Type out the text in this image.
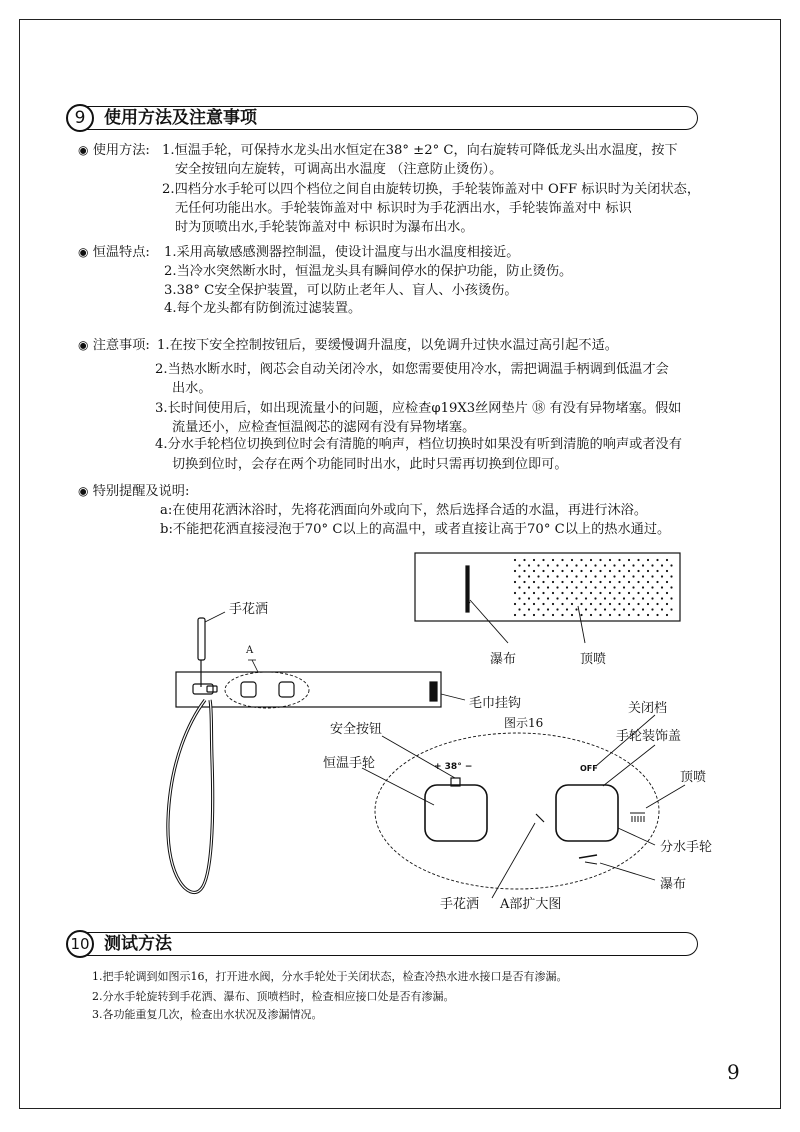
9	使用方法及注意事项
◉ 使用方法: 1.恒温手轮，可保持水龙头出水恒定在38° ±2° C，向右旋转可降低龙头出水温度，按下
安全按钮向左旋转，可调高出水温度 （注意防止烫伤）。
2.四档分水手轮可以四个档位之间自由旋转切换，手轮装饰盖对中 OFF 标识时为关闭状态，
无任何功能出水。手轮装饰盖对中 标识时为手花洒出水，手轮装饰盖对中 标识
时为顶喷出水,手轮装饰盖对中 标识时为瀑布出水。
◉ 恒温特点: 1.采用高敏感感测器控制温，使设计温度与出水温度相接近。
2.当冷水突然断水时，恒温龙头具有瞬间停水的保护功能，防止烫伤。
3.38° C安全保护装置，可以防止老年人、盲人、小孩烫伤。
4.每个龙头都有防倒流过滤装置。
◉ 注意事项: 1.在按下安全控制按钮后，要缓慢调升温度，以免调升过快水温过高引起不适。
2.当热水断水时，阀芯会自动关闭冷水，如您需要使用冷水，需把调温手柄调到低温才会
出水。
3.长时间使用后，如出现流量小的问题，应检查φ19X3丝网垫片 ⑱ 有没有异物堵塞。假如
流量还小，应检查恒温阀芯的滤网有没有异物堵塞。
4.分水手轮档位切换到位时会有清脆的响声，档位切换时如果没有听到清脆的响声或者没有
切换到位时，会存在两个功能同时出水，此时只需再切换到位即可。
◉ 特别提醒及说明:
a:在使用花洒沐浴时，先将花洒面向外或向下，然后选择合适的水温，再进行沐浴。
b:不能把花洒直接浸泡于70° C以上的高温中，或者直接让高于70° C以上的热水通过。
手花洒
A
瀑布	顶喷
毛巾挂钩
图示16
关闭档
安全按钮	手轮装饰盖
恒温手轮	+ 38° −	OFF
顶喷
分水手轮
瀑布
手花洒 A部扩大图
10 测试方法
1.把手轮调到如图示16，打开进水阀，分水手轮处于关闭状态，检查冷热水进水接口是否有渗漏。
2.分水手轮旋转到手花洒、瀑布、顶喷档时，检查相应接口处是否有渗漏。
3.各功能重复几次，检查出水状况及渗漏情况。
9
